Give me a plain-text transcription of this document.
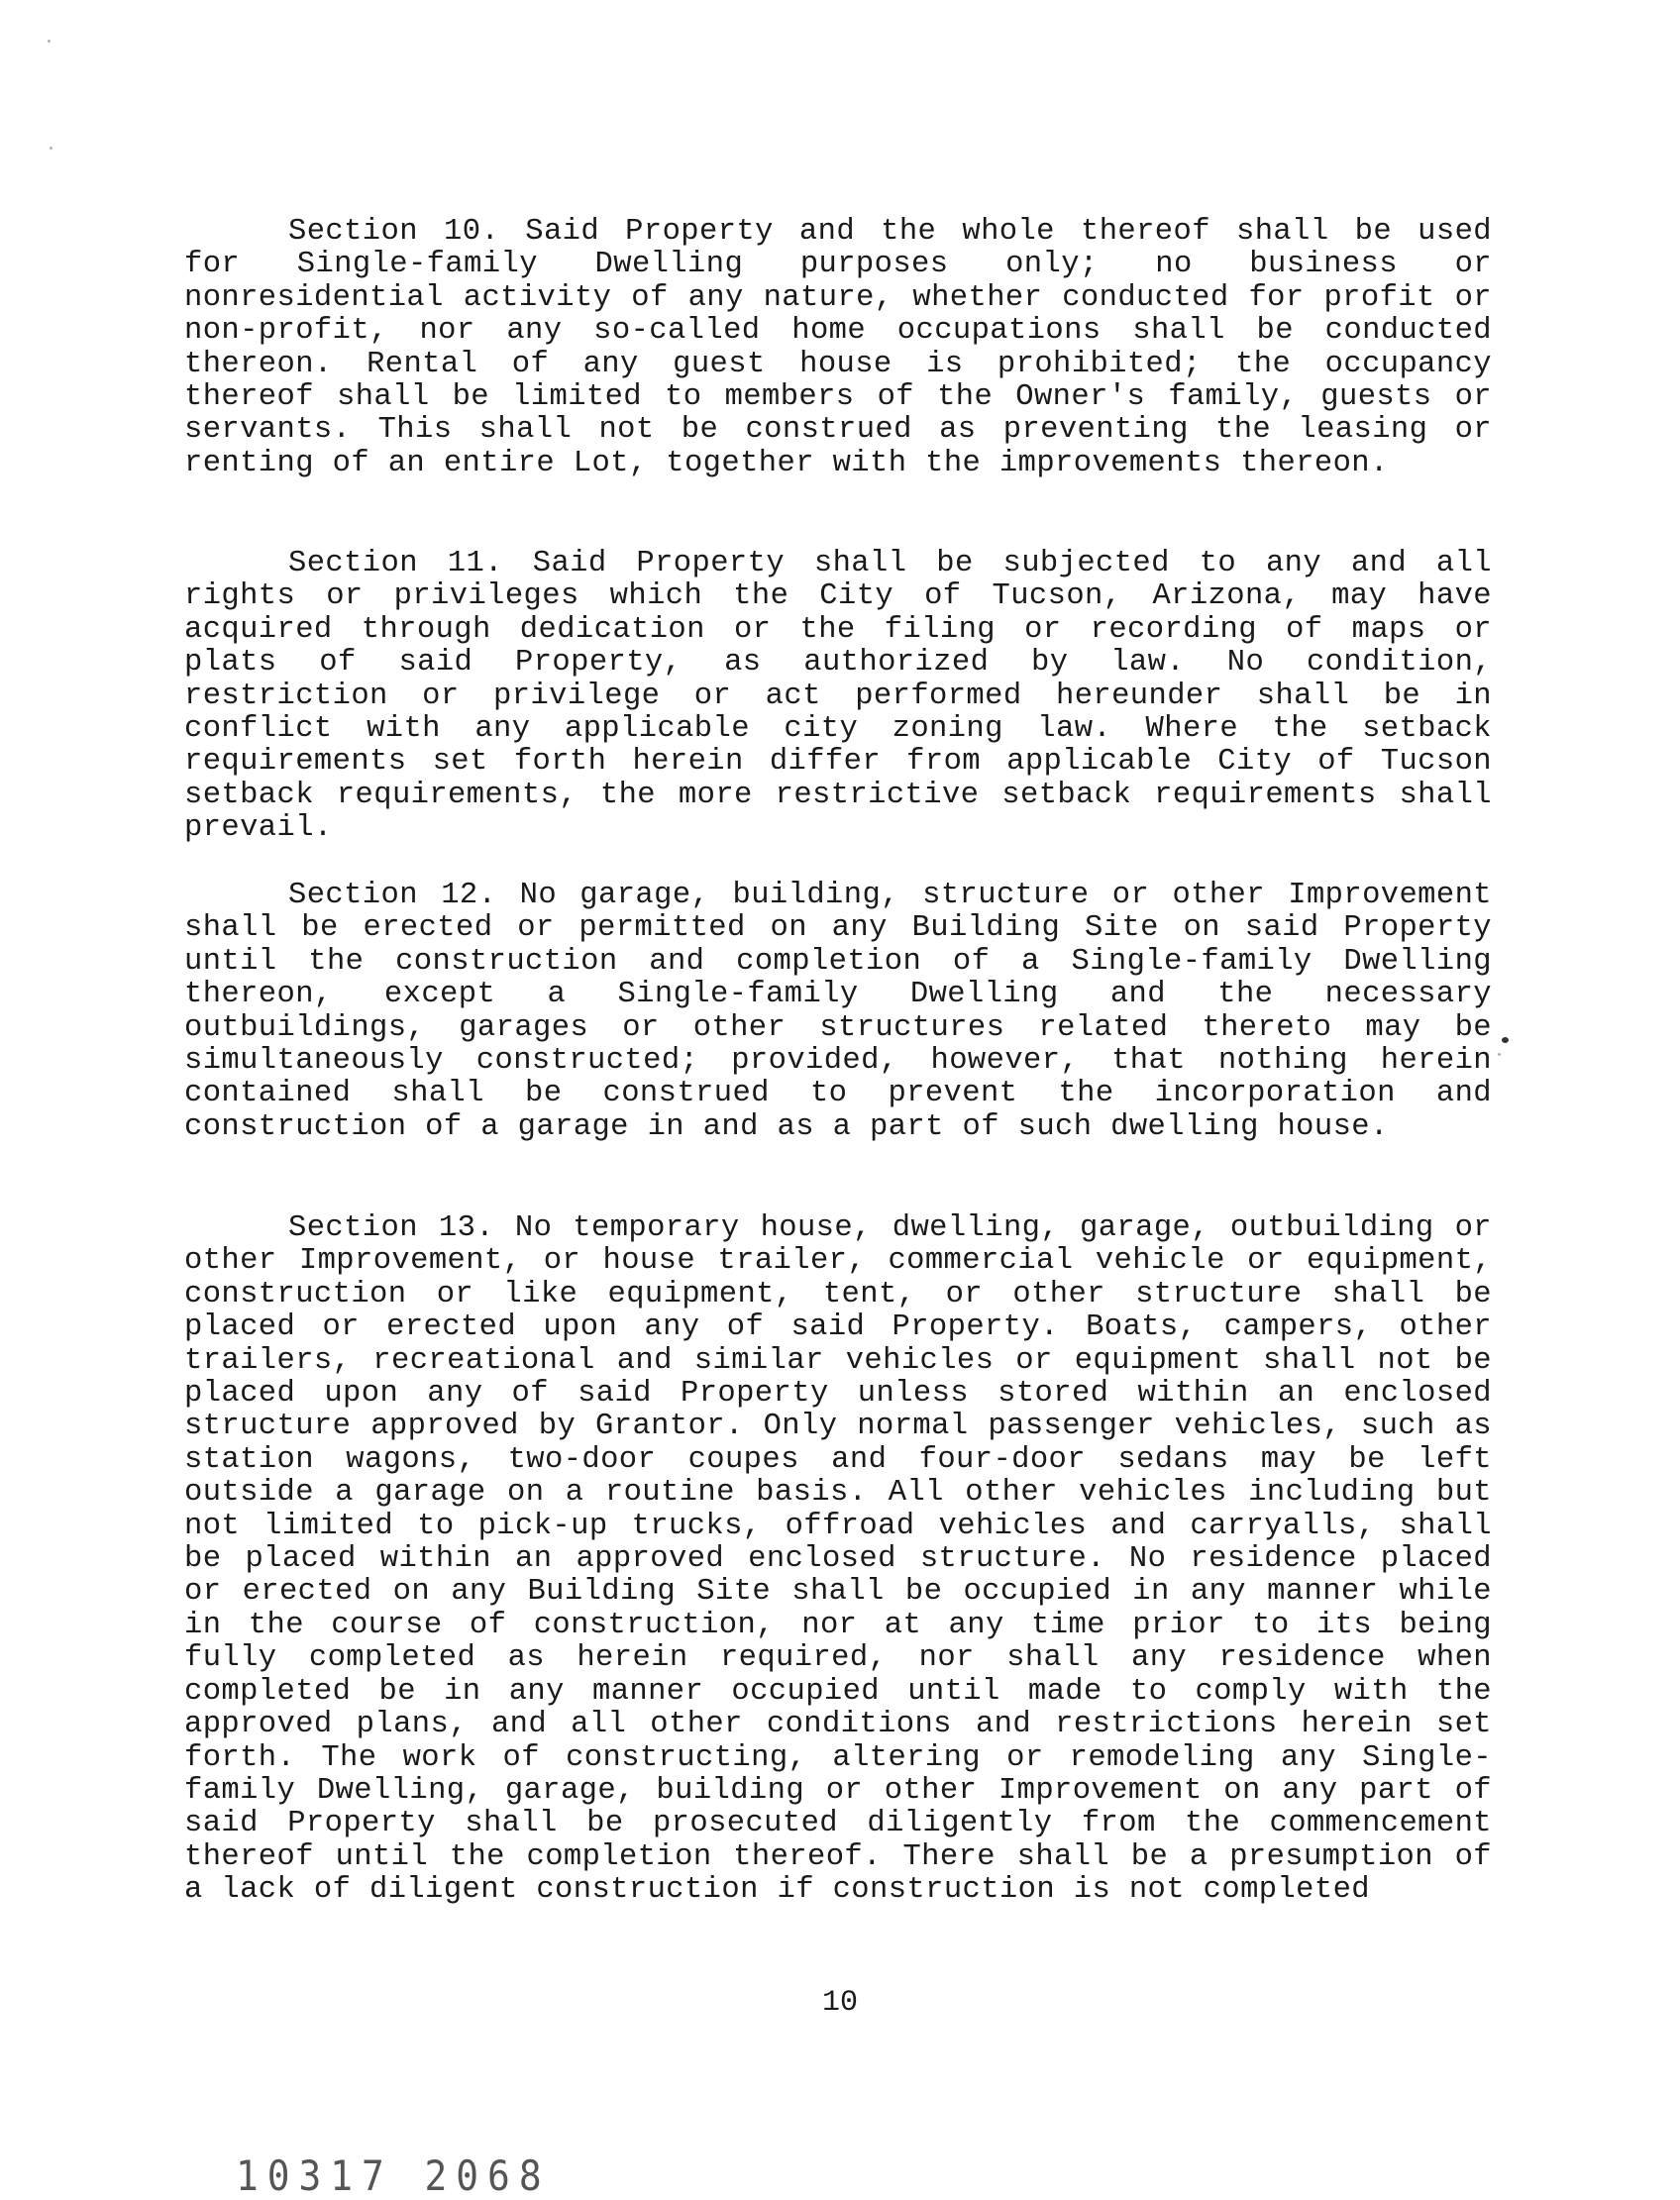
Section 10. Said Property and the whole thereof shall be used for Single-family Dwelling purposes only; no business or nonresidential activity of any nature, whether conducted for profit or non-profit, nor any so-called home occupations shall be conducted thereon. Rental of any guest house is prohibited; the occupancy thereof shall be limited to members of the Owner's family, guests or servants. This shall not be construed as preventing the leasing or renting of an entire Lot, together with the improvements thereon.

Section 11. Said Property shall be subjected to any and all rights or privileges which the City of Tucson, Arizona, may have acquired through dedication or the filing or recording of maps or plats of said Property, as authorized by law. No condition, restriction or privilege or act performed hereunder shall be in conflict with any applicable city zoning law. Where the setback requirements set forth herein differ from applicable City of Tucson setback requirements, the more restrictive setback requirements shall prevail.

Section 12. No garage, building, structure or other Improvement shall be erected or permitted on any Building Site on said Property until the construction and completion of a Single-family Dwelling thereon, except a Single-family Dwelling and the necessary outbuildings, garages or other structures related thereto may be simultaneously constructed; provided, however, that nothing herein contained shall be construed to prevent the incorporation and construction of a garage in and as a part of such dwelling house.

Section 13. No temporary house, dwelling, garage, outbuilding or other Improvement, or house trailer, commercial vehicle or equipment, construction or like equipment, tent, or other structure shall be placed or erected upon any of said Property. Boats, campers, other trailers, recreational and similar vehicles or equipment shall not be placed upon any of said Property unless stored within an enclosed structure approved by Grantor. Only normal passenger vehicles, such as station wagons, two-door coupes and four-door sedans may be left outside a garage on a routine basis. All other vehicles including but not limited to pick-up trucks, offroad vehicles and carryalls, shall be placed within an approved enclosed structure. No residence placed or erected on any Building Site shall be occupied in any manner while in the course of construction, nor at any time prior to its being fully completed as herein required, nor shall any residence when completed be in any manner occupied until made to comply with the approved plans, and all other conditions and restrictions herein set forth. The work of constructing, altering or remodeling any Single-family Dwelling, garage, building or other Improvement on any part of said Property shall be prosecuted diligently from the commencement thereof until the completion thereof. There shall be a presumption of a lack of diligent construction if construction is not completed

10
10317 2068
